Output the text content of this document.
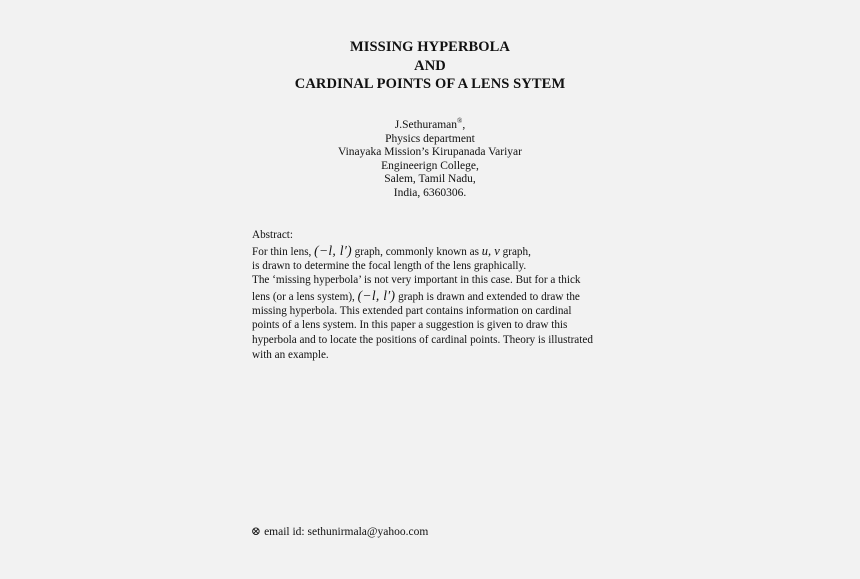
MISSING HYPERBOLA
AND
CARDINAL POINTS OF A LENS SYTEM
J.Sethuraman®,
Physics department
Vinayaka Mission’s Kirupanada Variyar
Engineerign College,
Salem, Tamil Nadu,
India, 6360306.
Abstract:
For thin lens, (−l, l′) graph, commonly known as u, v graph,
is drawn to determine the focal length of the lens graphically.
The ‘missing hyperbola’ is not very important in this case. But for a thick
lens (or a lens system), (−l, l′) graph is drawn and extended to draw the
missing hyperbola. This extended part contains information on cardinal
points of a lens system. In this paper a suggestion is given to draw this
hyperbola and to locate the positions of cardinal points. Theory is illustrated
with an example.
⊗ email id: sethunirmala@yahoo.com
